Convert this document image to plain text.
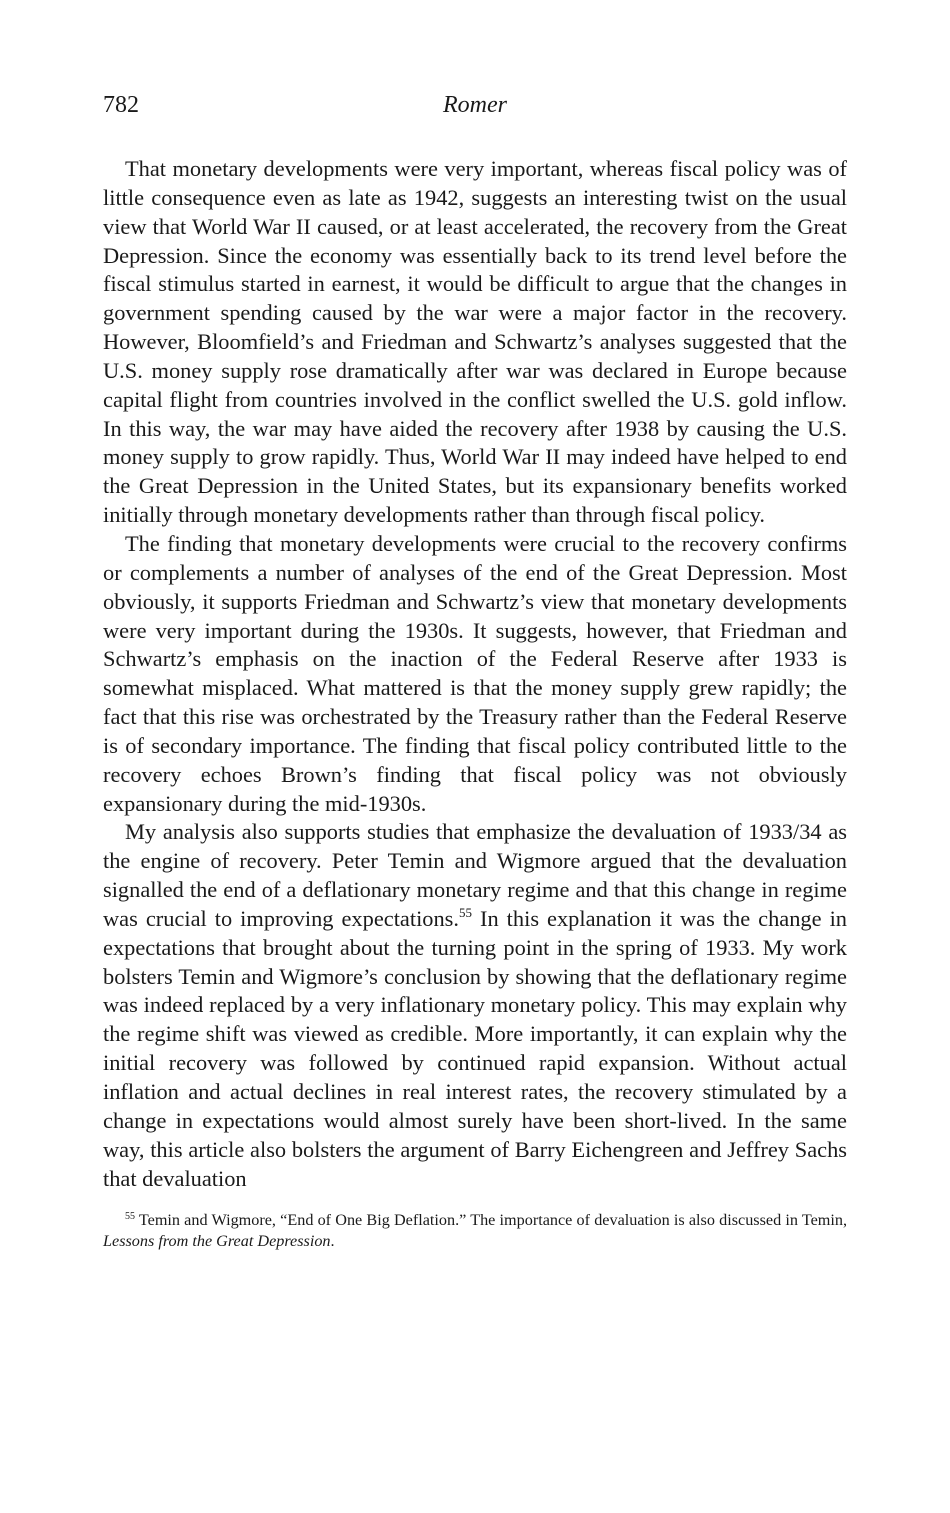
782	Romer

That monetary developments were very important, whereas fiscal policy was of little consequence even as late as 1942, suggests an interesting twist on the usual view that World War II caused, or at least accelerated, the recovery from the Great Depression. Since the economy was essentially back to its trend level before the fiscal stimulus started in earnest, it would be difficult to argue that the changes in government spending caused by the war were a major factor in the recovery. However, Bloomfield’s and Friedman and Schwartz’s analyses suggested that the U.S. money supply rose dramatically after war was declared in Europe because capital flight from countries involved in the conflict swelled the U.S. gold inflow. In this way, the war may have aided the recovery after 1938 by causing the U.S. money supply to grow rapidly. Thus, World War II may indeed have helped to end the Great Depression in the United States, but its expansionary benefits worked initially through monetary developments rather than through fiscal policy.

The finding that monetary developments were crucial to the recovery confirms or complements a number of analyses of the end of the Great Depression. Most obviously, it supports Friedman and Schwartz’s view that monetary developments were very important during the 1930s. It suggests, however, that Friedman and Schwartz’s emphasis on the inaction of the Federal Reserve after 1933 is somewhat misplaced. What mattered is that the money supply grew rapidly; the fact that this rise was orchestrated by the Treasury rather than the Federal Reserve is of secondary importance. The finding that fiscal policy contributed little to the recovery echoes Brown’s finding that fiscal policy was not obviously expansionary during the mid-1930s.

My analysis also supports studies that emphasize the devaluation of 1933/34 as the engine of recovery. Peter Temin and Wigmore argued that the devaluation signalled the end of a deflationary monetary regime and that this change in regime was crucial to improving expectations.$^{55}$ In this explanation it was the change in expectations that brought about the turning point in the spring of 1933. My work bolsters Temin and Wigmore’s conclusion by showing that the deflationary regime was indeed replaced by a very inflationary monetary policy. This may explain why the regime shift was viewed as credible. More importantly, it can explain why the initial recovery was followed by continued rapid expansion. Without actual inflation and actual declines in real interest rates, the recovery stimulated by a change in expectations would almost surely have been short-lived. In the same way, this article also bolsters the argument of Barry Eichengreen and Jeffrey Sachs that devaluation

$^{55}$ Temin and Wigmore, “End of One Big Deflation.” The importance of devaluation is also discussed in Temin, Lessons from the Great Depression.
